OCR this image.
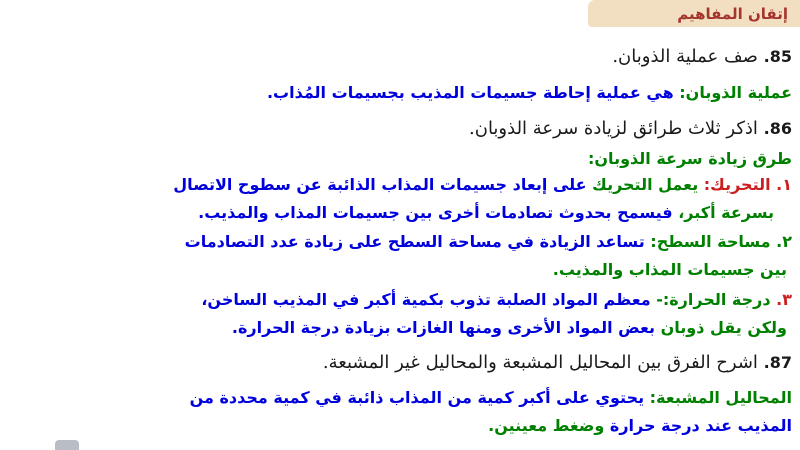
إتقان المفاهيم
85. صف عملية الذوبان.
عملية الذوبان: هي عملية إحاطة جسيمات المذيب بجسيمات المُذاب.
86. اذكر ثلاث طرائق لزيادة سرعة الذوبان.
طرق زيادة سرعة الذوبان:
١. التحريك: يعمل التحريك على إبعاد جسيمات المذاب الذائبة عن سطوح الاتصال
بسرعة أكبر، فيسمح بحدوث تصادمات أخرى بين جسيمات المذاب والمذيب.
٢. مساحة السطح: تساعد الزيادة في مساحة السطح على زيادة عدد التصادمات
بين جسيمات المذاب والمذيب.
٣. درجة الحرارة:- معظم المواد الصلبة تذوب بكمية أكبر في المذيب الساخن،
ولكن يقل ذوبان بعض المواد الأخرى ومنها الغازات بزيادة درجة الحرارة.
87. اشرح الفرق بين المحاليل المشبعة والمحاليل غير المشبعة.
المحاليل المشبعة: يحتوي على أكبر كمية من المذاب ذائبة في كمية محددة من
المذيب عند درجة حرارة وضغط معينين.
